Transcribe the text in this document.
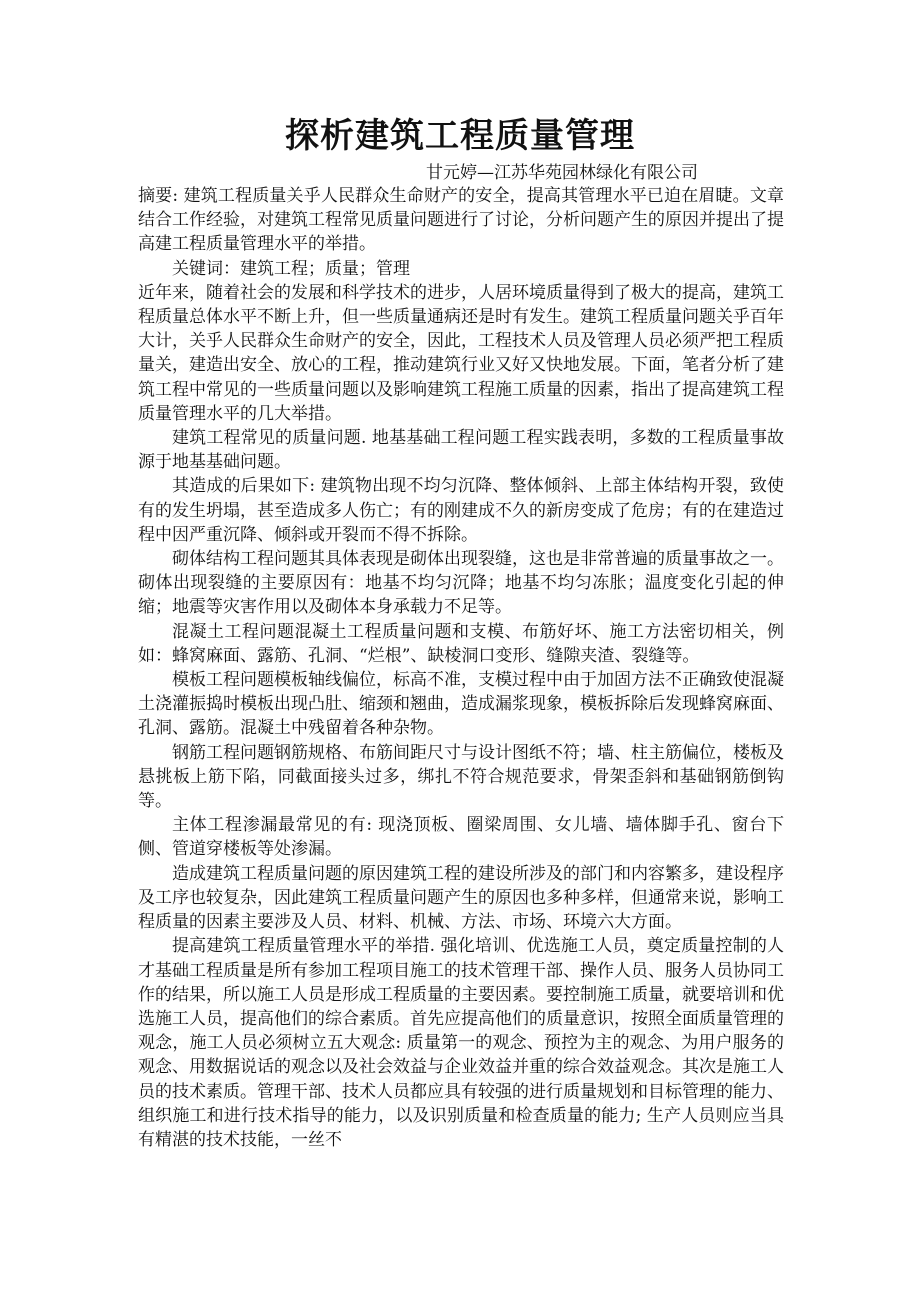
探析建筑工程质量管理
甘元婷—江苏华苑园林绿化有限公司

摘要: 建筑工程质量关乎人民群众生命财产的安全，提高其管理水平已迫在眉睫。文章结合工作经验，对建筑工程常见质量问题进行了讨论，分析问题产生的原因并提出了提高建工程质量管理水平的举措。

关键词：建筑工程；质量；管理

近年来，随着社会的发展和科学技术的进步，人居环境质量得到了极大的提高，建筑工程质量总体水平不断上升，但一些质量通病还是时有发生。建筑工程质量问题关乎百年大计，关乎人民群众生命财产的安全，因此，工程技术人员及管理人员必须严把工程质量关，建造出安全、放心的工程，推动建筑行业又好又快地发展。下面，笔者分析了建筑工程中常见的一些质量问题以及影响建筑工程施工质量的因素，指出了提高建筑工程质量管理水平的几大举措。

建筑工程常见的质量问题. 地基基础工程问题工程实践表明，多数的工程质量事故源于地基基础问题。

其造成的后果如下: 建筑物出现不均匀沉降、整体倾斜、上部主体结构开裂，致使有的发生坍塌，甚至造成多人伤亡；有的刚建成不久的新房变成了危房；有的在建造过程中因严重沉降、倾斜或开裂而不得不拆除。

砌体结构工程问题其具体表现是砌体出现裂缝，这也是非常普遍的质量事故之一。砌体出现裂缝的主要原因有：地基不均匀沉降；地基不均匀冻胀；温度变化引起的伸缩；地震等灾害作用以及砌体本身承载力不足等。

混凝土工程问题混凝土工程质量问题和支模、布筋好坏、施工方法密切相关，例如：蜂窝麻面、露筋、孔洞、“烂根”、缺棱洞口变形、缝隙夹渣、裂缝等。

模板工程问题模板轴线偏位，标高不准，支模过程中由于加固方法不正确致使混凝土浇灌振捣时模板出现凸肚、缩颈和翘曲，造成漏浆现象，模板拆除后发现蜂窝麻面、孔洞、露筋。混凝土中残留着各种杂物。

钢筋工程问题钢筋规格、布筋间距尺寸与设计图纸不符；墙、柱主筋偏位，楼板及悬挑板上筋下陷，同截面接头过多，绑扎不符合规范要求，骨架歪斜和基础钢筋倒钩等。

主体工程渗漏最常见的有: 现浇顶板、圈梁周围、女儿墙、墙体脚手孔、窗台下侧、管道穿楼板等处渗漏。

造成建筑工程质量问题的原因建筑工程的建设所涉及的部门和内容繁多，建设程序及工序也较复杂，因此建筑工程质量问题产生的原因也多种多样，但通常来说，影响工程质量的因素主要涉及人员、材料、机械、方法、市场、环境六大方面。

提高建筑工程质量管理水平的举措. 强化培训、优选施工人员，奠定质量控制的人才基础工程质量是所有参加工程项目施工的技术管理干部、操作人员、服务人员协同工作的结果，所以施工人员是形成工程质量的主要因素。要控制施工质量，就要培训和优选施工人员，提高他们的综合素质。首先应提高他们的质量意识，按照全面质量管理的观念，施工人员必须树立五大观念: 质量第一的观念、预控为主的观念、为用户服务的观念、用数据说话的观念以及社会效益与企业效益并重的综合效益观念。其次是施工人员的技术素质。管理干部、技术人员都应具有较强的进行质量规划和目标管理的能力、组织施工和进行技术指导的能力，以及识别质量和检查质量的能力; 生产人员则应当具有精湛的技术技能，一丝不
